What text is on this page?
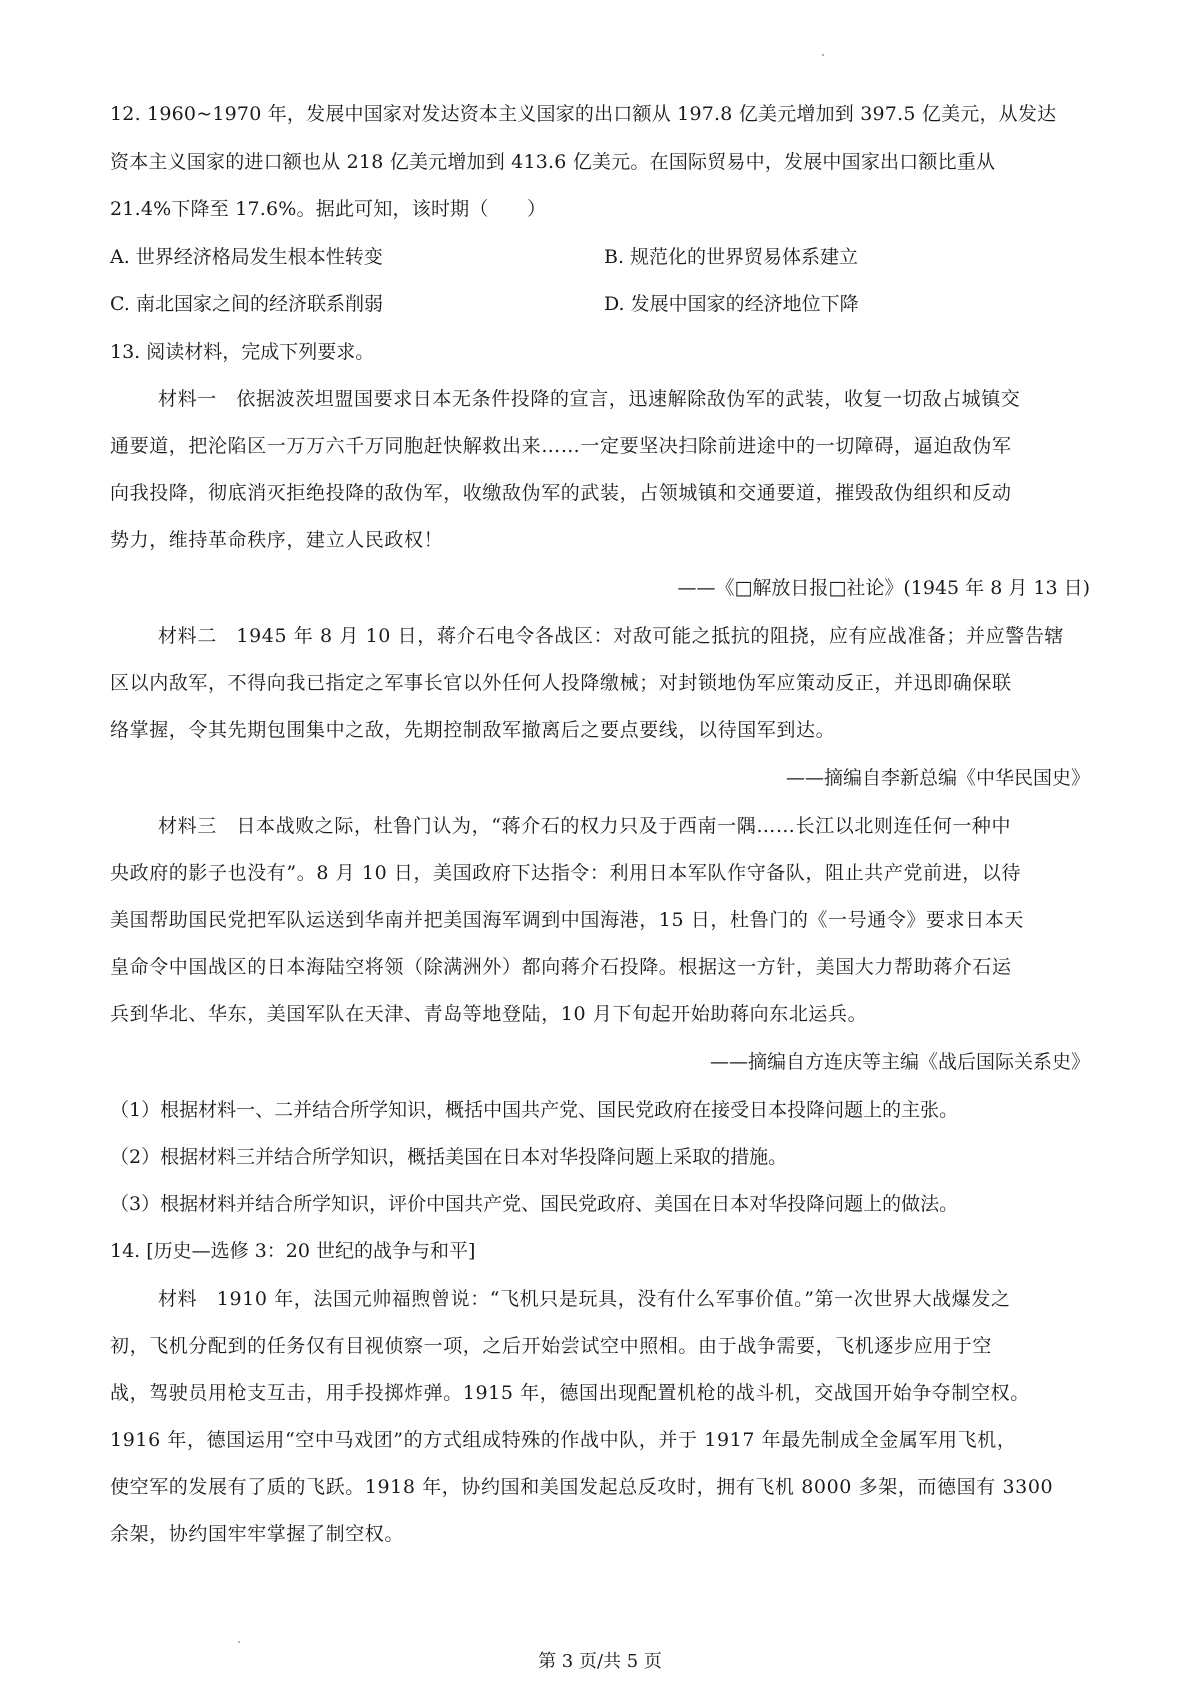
12. 1960~1970 年，发展中国家对发达资本主义国家的出口额从 197.8 亿美元增加到 397.5 亿美元，从发达
资本主义国家的进口额也从 218 亿美元增加到 413.6 亿美元。在国际贸易中，发展中国家出口额比重从
21.4%下降至 17.6%。据此可知，该时期（　　）
A. 世界经济格局发生根本性转变	B. 规范化的世界贸易体系建立
C. 南北国家之间的经济联系削弱	D. 发展中国家的经济地位下降
13. 阅读材料，完成下列要求。
材料一　依据波茨坦盟国要求日本无条件投降的宣言，迅速解除敌伪军的武装，收复一切敌占城镇交
通要道，把沦陷区一万万六千万同胞赶快解救出来……一定要坚决扫除前进途中的一切障碍，逼迫敌伪军
向我投降，彻底消灭拒绝投降的敌伪军，收缴敌伪军的武装，占领城镇和交通要道，摧毁敌伪组织和反动
势力，维持革命秩序，建立人民政权！
——《□解放日报□社论》(1945 年 8 月 13 日)
材料二　1945 年 8 月 10 日，蒋介石电令各战区：对敌可能之抵抗的阻挠，应有应战准备；并应警告辖
区以内敌军，不得向我已指定之军事长官以外任何人投降缴械；对封锁地伪军应策动反正，并迅即确保联
络掌握，令其先期包围集中之敌，先期控制敌军撤离后之要点要线，以待国军到达。
——摘编自李新总编《中华民国史》
材料三　日本战败之际，杜鲁门认为，“蒋介石的权力只及于西南一隅……长江以北则连任何一种中
央政府的影子也没有”。8 月 10 日，美国政府下达指令：利用日本军队作守备队，阻止共产党前进，以待
美国帮助国民党把军队运送到华南并把美国海军调到中国海港，15 日，杜鲁门的《一号通令》要求日本天
皇命令中国战区的日本海陆空将领（除满洲外）都向蒋介石投降。根据这一方针，美国大力帮助蒋介石运
兵到华北、华东，美国军队在天津、青岛等地登陆，10 月下旬起开始助蒋向东北运兵。
——摘编自方连庆等主编《战后国际关系史》
（1）根据材料一、二并结合所学知识，概括中国共产党、国民党政府在接受日本投降问题上的主张。
（2）根据材料三并结合所学知识，概括美国在日本对华投降问题上采取的措施。
（3）根据材料并结合所学知识，评价中国共产党、国民党政府、美国在日本对华投降问题上的做法。
14. [历史—选修 3：20 世纪的战争与和平]
材料　1910 年，法国元帅福煦曾说：“飞机只是玩具，没有什么军事价值。”第一次世界大战爆发之
初，飞机分配到的任务仅有目视侦察一项，之后开始尝试空中照相。由于战争需要，飞机逐步应用于空
战，驾驶员用枪支互击，用手投掷炸弹。1915 年，德国出现配置机枪的战斗机，交战国开始争夺制空权。
1916 年，德国运用“空中马戏团”的方式组成特殊的作战中队，并于 1917 年最先制成全金属军用飞机，
使空军的发展有了质的飞跃。1918 年，协约国和美国发起总反攻时，拥有飞机 8000 多架，而德国有 3300
余架，协约国牢牢掌握了制空权。
第 3 页/共 5 页
